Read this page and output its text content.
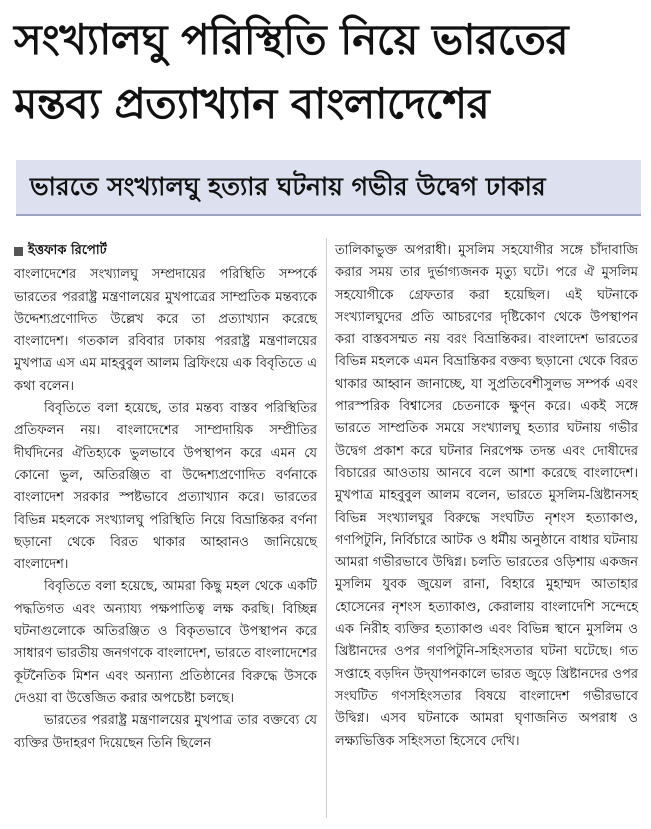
সংখ্যালঘু পরিস্থিতি নিয়ে ভারতের
মন্তব্য প্রত্যাখ্যান বাংলাদেশের
ভারতে সংখ্যালঘু হত্যার ঘটনায় গভীর উদ্বেগ ঢাকার
ইত্তফাক রিপোর্ট

বাংলাদেশের সংখ্যালঘু সম্প্রদায়ের পরিস্থিতি সম্পর্কে ভারতের পররাষ্ট্র মন্ত্রণালয়ের মুখপাত্রের সাম্প্রতিক মন্তব্যকে উদ্দেশ্যপ্রণোদিত উল্লেখ করে তা প্রত্যাখ্যান করেছে বাংলাদেশ। গতকাল রবিবার ঢাকায় পররাষ্ট্র মন্ত্রণালয়ের মুখপাত্র এস এম মাহবুবুল আলম ব্রিফিংয়ে এক বিবৃতিতে এ কথা বলেন।

বিবৃতিতে বলা হয়েছে, তার মন্তব্য বাস্তব পরিস্থিতির প্রতিফলন নয়। বাংলাদেশের সাম্প্রদায়িক সম্প্রীতির দীর্ঘদিনের ঐতিহ্যকে ভুলভাবে উপস্থাপন করে এমন যে কোনো ভুল, অতিরঞ্জিত বা উদ্দেশ্যপ্রণোদিত বর্ণনাকে বাংলাদেশ সরকার স্পষ্টভাবে প্রত্যাখ্যান করে। ভারতের বিভিন্ন মহলকে সংখ্যালঘু পরিস্থিতি নিয়ে বিভ্রান্তিকর বর্ণনা ছড়ানো থেকে বিরত থাকার আহ্বানও জানিয়েছে বাংলাদেশ।

বিবৃতিতে বলা হয়েছে, আমরা কিছু মহল থেকে একটি পদ্ধতিগত এবং অন্যায্য পক্ষপাতিত্ব লক্ষ করছি। বিচ্ছিন্ন ঘটনাগুলোকে অতিরঞ্জিত ও বিকৃতভাবে উপস্থাপন করে সাধারণ ভারতীয় জনগণকে বাংলাদেশ, ভারতে বাংলাদেশের কূটনৈতিক মিশন এবং অন্যান্য প্রতিষ্ঠানের বিরুদ্ধে উসকে দেওয়া বা উত্তেজিত করার অপচেষ্টা চলছে।

ভারতের পররাষ্ট্র মন্ত্রণালয়ের মুখপাত্র তার বক্তব্যে যে ব্যক্তির উদাহরণ দিয়েছেন তিনি ছিলেন

তালিকাভুক্ত অপরাধী। মুসলিম সহযোগীর সঙ্গে চাঁদাবাজি করার সময় তার দুর্ভাগ্যজনক মৃত্যু ঘটে। পরে ঐ মুসলিম সহযোগীকে গ্রেফতার করা হয়েছিল। এই ঘটনাকে সংখ্যালঘুদের প্রতি আচরণের দৃষ্টিকোণ থেকে উপস্থাপন করা বাস্তবসম্মত নয় বরং বিভ্রান্তিকর। বাংলাদেশ ভারতের বিভিন্ন মহলকে এমন বিভ্রান্তিকর বক্তব্য ছড়ানো থেকে বিরত থাকার আহ্বান জানাচ্ছে, যা সুপ্রতিবেশীসুলভ সম্পর্ক এবং পারস্পরিক বিশ্বাসের চেতনাকে ক্ষুণ্ন করে। একই সঙ্গে ভারতে সাম্প্রতিক সময়ে সংখ্যালঘু হত্যার ঘটনায় গভীর উদ্বেগ প্রকাশ করে ঘটনার নিরপেক্ষ তদন্ত এবং দোষীদের বিচারের আওতায় আনবে বলে আশা করেছে বাংলাদেশ। মুখপাত্র মাহবুবুল আলম বলেন, ভারতে মুসলিম-খ্রিষ্টানসহ বিভিন্ন সংখ্যালঘুর বিরুদ্ধে সংঘটিত নৃশংস হত্যাকাণ্ড, গণপিটুনি, নির্বিচারে আটক ও ধর্মীয় অনুষ্ঠানে বাধার ঘটনায় আমরা গভীরভাবে উদ্বিগ্ন। চলতি ভারতের ওড়িশায় একজন মুসলিম যুবক জুয়েল রানা, বিহারে মুহাম্মদ আতাহার হোসেনের নৃশংস হত্যাকাণ্ড, কেরালায় বাংলাদেশি সন্দেহে এক নিরীহ ব্যক্তির হত্যাকাণ্ড এবং বিভিন্ন স্থানে মুসলিম ও খ্রিষ্টানদের ওপর গণপিটুনি-সহিংসতার ঘটনা ঘটেছে। গত সপ্তাহে বড়দিন উদ্‌যাপনকালে ভারত জুড়ে খ্রিষ্টানদের ওপর সংঘটিত গণসহিংসতার বিষয়ে বাংলাদেশ গভীরভাবে উদ্বিগ্ন। এসব ঘটনাকে আমরা ঘৃণাজনিত অপরাধ ও লক্ষ্যভিত্তিক সহিংসতা হিসেবে দেখি।
